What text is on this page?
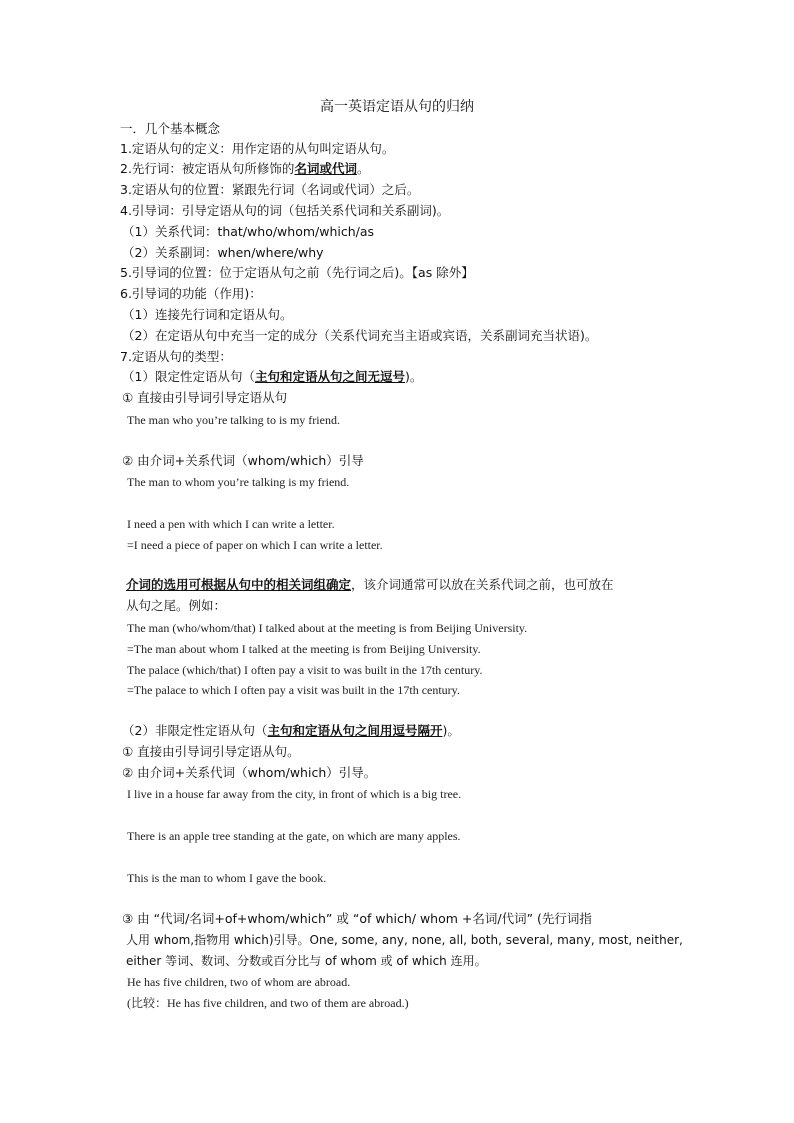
高一英语定语从句的归纳
一．几个基本概念
1.定语从句的定义：用作定语的从句叫定语从句。
2.先行词：被定语从句所修饰的名词或代词。
3.定语从句的位置：紧跟先行词（名词或代词）之后。
4.引导词：引导定语从句的词（包括关系代词和关系副词)。
（1）关系代词：that/who/whom/which/as
（2）关系副词：when/where/why
5.引导词的位置：位于定语从句之前（先行词之后)。【as 除外】
6.引导词的功能（作用)：
（1）连接先行词和定语从句。
（2）在定语从句中充当一定的成分（关系代词充当主语或宾语，关系副词充当状语)。
7.定语从句的类型：
（1）限定性定语从句（主句和定语从句之间无逗号)。
① 直接由引导词引导定语从句
The man who you’re talking to is my friend.
② 由介词+关系代词（whom/which）引导
The man to whom you’re talking is my friend.
I need a pen with which I can write a letter.
=I need a piece of paper on which I can write a letter.
介词的选用可根据从句中的相关词组确定，该介词通常可以放在关系代词之前，也可放在
从句之尾。例如：
The man (who/whom/that) I talked about at the meeting is from Beijing University.
=The man about whom I talked at the meeting is from Beijing University.
The palace (which/that) I often pay a visit to was built in the 17th century.
=The palace to which I often pay a visit was built in the 17th century.
（2）非限定性定语从句（主句和定语从句之间用逗号隔开)。
① 直接由引导词引导定语从句。
② 由介词+关系代词（whom/which）引导。
I live in a house far away from the city, in front of which is a big tree.
There is an apple tree standing at the gate, on which are many apples.
This is the man to whom I gave the book.
③ 由 “代词/名词+of+whom/which” 或 “of which/ whom +名词/代词” (先行词指
人用 whom,指物用 which)引导。One, some, any, none, all, both, several, many, most, neither,
either 等词、数词、分数或百分比与 of whom 或 of which 连用。
He has five children, two of whom are abroad.
(比较：He has five children, and two of them are abroad.)
